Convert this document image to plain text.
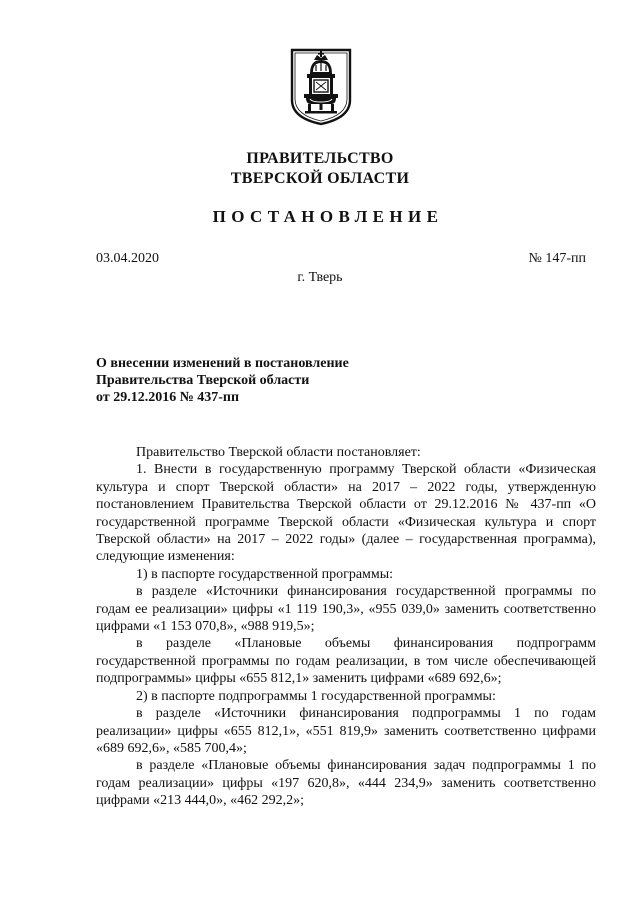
ПРАВИТЕЛЬСТВО
ТВЕРСКОЙ ОБЛАСТИ
ПОСТАНОВЛЕНИЕ
03.04.2020	№ 147-пп
г. Тверь
О внесении изменений в постановление
Правительства Тверской области
от 29.12.2016 № 437-пп

Правительство Тверской области постановляет:

1. Внести в государственную программу Тверской области «Физическая культура и спорт Тверской области» на 2017 – 2022 годы, утвержденную постановлением Правительства Тверской области от 29.12.2016 № 437-пп «О государственной программе Тверской области «Физическая культура и спорт Тверской области» на 2017 – 2022 годы» (далее – государственная программа), следующие изменения:

1) в паспорте государственной программы:

в разделе «Источники финансирования государственной программы по годам ее реализации» цифры «1 119 190,3», «955 039,0» заменить соответственно цифрами «1 153 070,8», «988 919,5»;

в разделе «Плановые объемы финансирования подпрограмм государственной программы по годам реализации, в том числе обеспечивающей подпрограммы» цифры «655 812,1» заменить цифрами «689 692,6»;

2) в паспорте подпрограммы 1 государственной программы:

в разделе «Источники финансирования подпрограммы 1 по годам реализации» цифры «655 812,1», «551 819,9» заменить соответственно цифрами «689 692,6», «585 700,4»;

в разделе «Плановые объемы финансирования задач подпрограммы 1 по годам реализации» цифры «197 620,8», «444 234,9» заменить соответственно цифрами «213 444,0», «462 292,2»;
